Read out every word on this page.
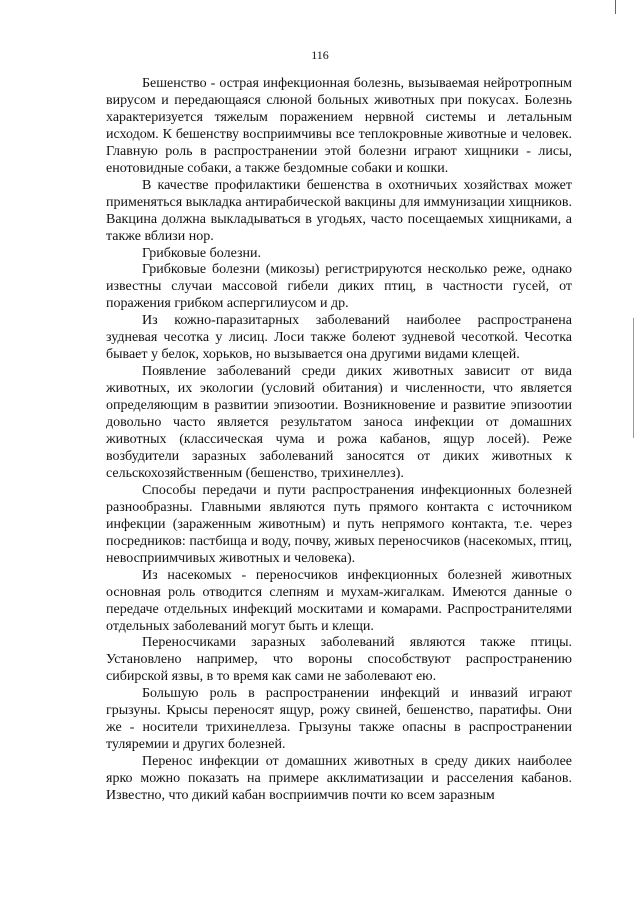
116

Бешенство - острая инфекционная болезнь, вызываемая нейротропным вирусом и передающаяся слюной больных животных при покусах. Болезнь характеризуется тяжелым поражением нервной системы и летальным исходом. К бешенству восприимчивы все теплокровные животные и человек. Главную роль в распространении этой болезни играют хищники - лисы, енотовидные собаки, а также бездомные собаки и кошки.

В качестве профилактики бешенства в охотничьих хозяйствах может применяться выкладка антирабической вакцины для иммунизации хищников. Вакцина должна выкладываться в угодьях, часто посещаемых хищниками, а также вблизи нор.

Грибковые болезни.

Грибковые болезни (микозы) регистрируются несколько реже, однако известны случаи массовой гибели диких птиц, в частности гусей, от поражения грибком аспергилиусом и др.

Из кожно-паразитарных заболеваний наиболее распространена зудневая чесотка у лисиц. Лоси также болеют зудневой чесоткой. Чесотка бывает у белок, хорьков, но вызывается она другими видами клещей.

Появление заболеваний среди диких животных зависит от вида животных, их экологии (условий обитания) и численности, что является определяющим в развитии эпизоотии. Возникновение и развитие эпизоотии довольно часто является результатом заноса инфекции от домашних животных (классическая чума и рожа кабанов, ящур лосей). Реже возбудители заразных заболеваний заносятся от диких животных к сельскохозяйственным (бешенство, трихинеллез).

Способы передачи и пути распространения инфекционных болезней разнообразны. Главными являются путь прямого контакта с источником инфекции (зараженным животным) и путь непрямого контакта, т.е. через посредников: пастбища и воду, почву, живых переносчиков (насекомых, птиц, невосприимчивых животных и человека).

Из насекомых - переносчиков инфекционных болезней животных основная роль отводится слепням и мухам-жигалкам. Имеются данные о передаче отдельных инфекций москитами и комарами. Распространителями отдельных заболеваний могут быть и клещи.

Переносчиками заразных заболеваний являются также птицы. Установлено например, что вороны способствуют распространению сибирской язвы, в то время как сами не заболевают ею.

Большую роль в распространении инфекций и инвазий играют грызуны. Крысы переносят ящур, рожу свиней, бешенство, паратифы. Они же - носители трихинеллеза. Грызуны также опасны в распространении туляремии и других болезней.

Перенос инфекции от домашних животных в среду диких наиболее ярко можно показать на примере акклиматизации и расселения кабанов. Известно, что дикий кабан восприимчив почти ко всем заразным
